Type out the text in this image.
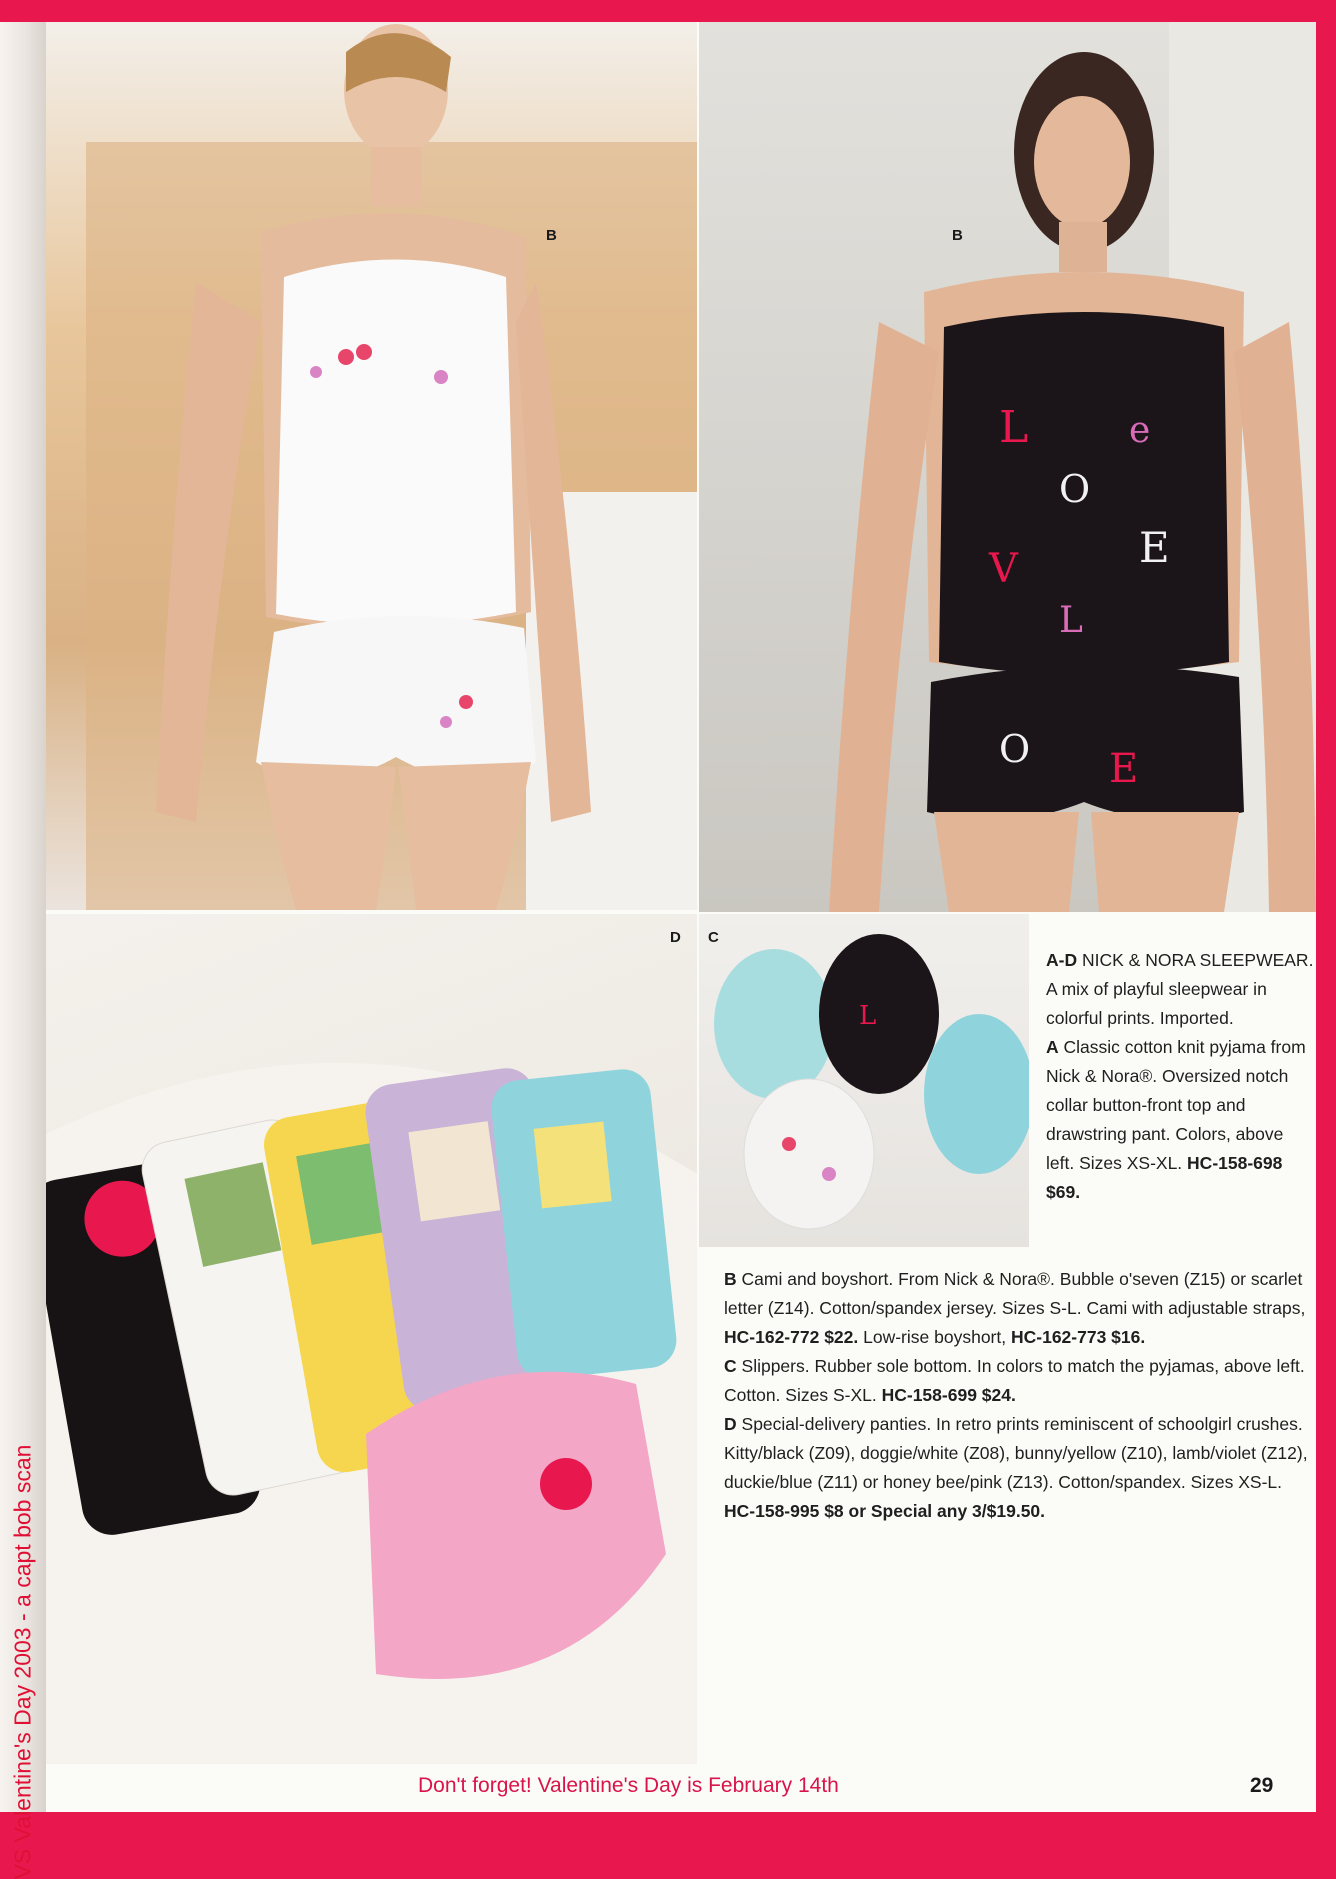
VS Valentine's Day 2003 - a capt bob scan
B
L
O
e
E
V
L
O E
B
D
L
C

A-D NICK & NORA SLEEPWEAR. A mix of playful sleepwear in colorful prints. Imported.

A Classic cotton knit pyjama from Nick & Nora®. Oversized notch collar button-front top and drawstring pant. Colors, above left. Sizes XS-XL. HC-158-698 $69.

B Cami and boyshort. From Nick & Nora®. Bubble o'seven (Z15) or scarlet letter (Z14). Cotton/spandex jersey. Sizes S-L. Cami with adjustable straps, HC-162-772 $22. Low-rise boyshort, HC-162-773 $16.

C Slippers. Rubber sole bottom. In colors to match the pyjamas, above left. Cotton. Sizes S-XL. HC-158-699 $24.

D Special-delivery panties. In retro prints reminiscent of schoolgirl crushes. Kitty/black (Z09), doggie/white (Z08), bunny/yellow (Z10), lamb/violet (Z12), duckie/blue (Z11) or honey bee/pink (Z13). Cotton/spandex. Sizes XS-L. HC-158-995 $8 or Special any 3/$19.50.

Don't forget! Valentine's Day is February 14th	29
